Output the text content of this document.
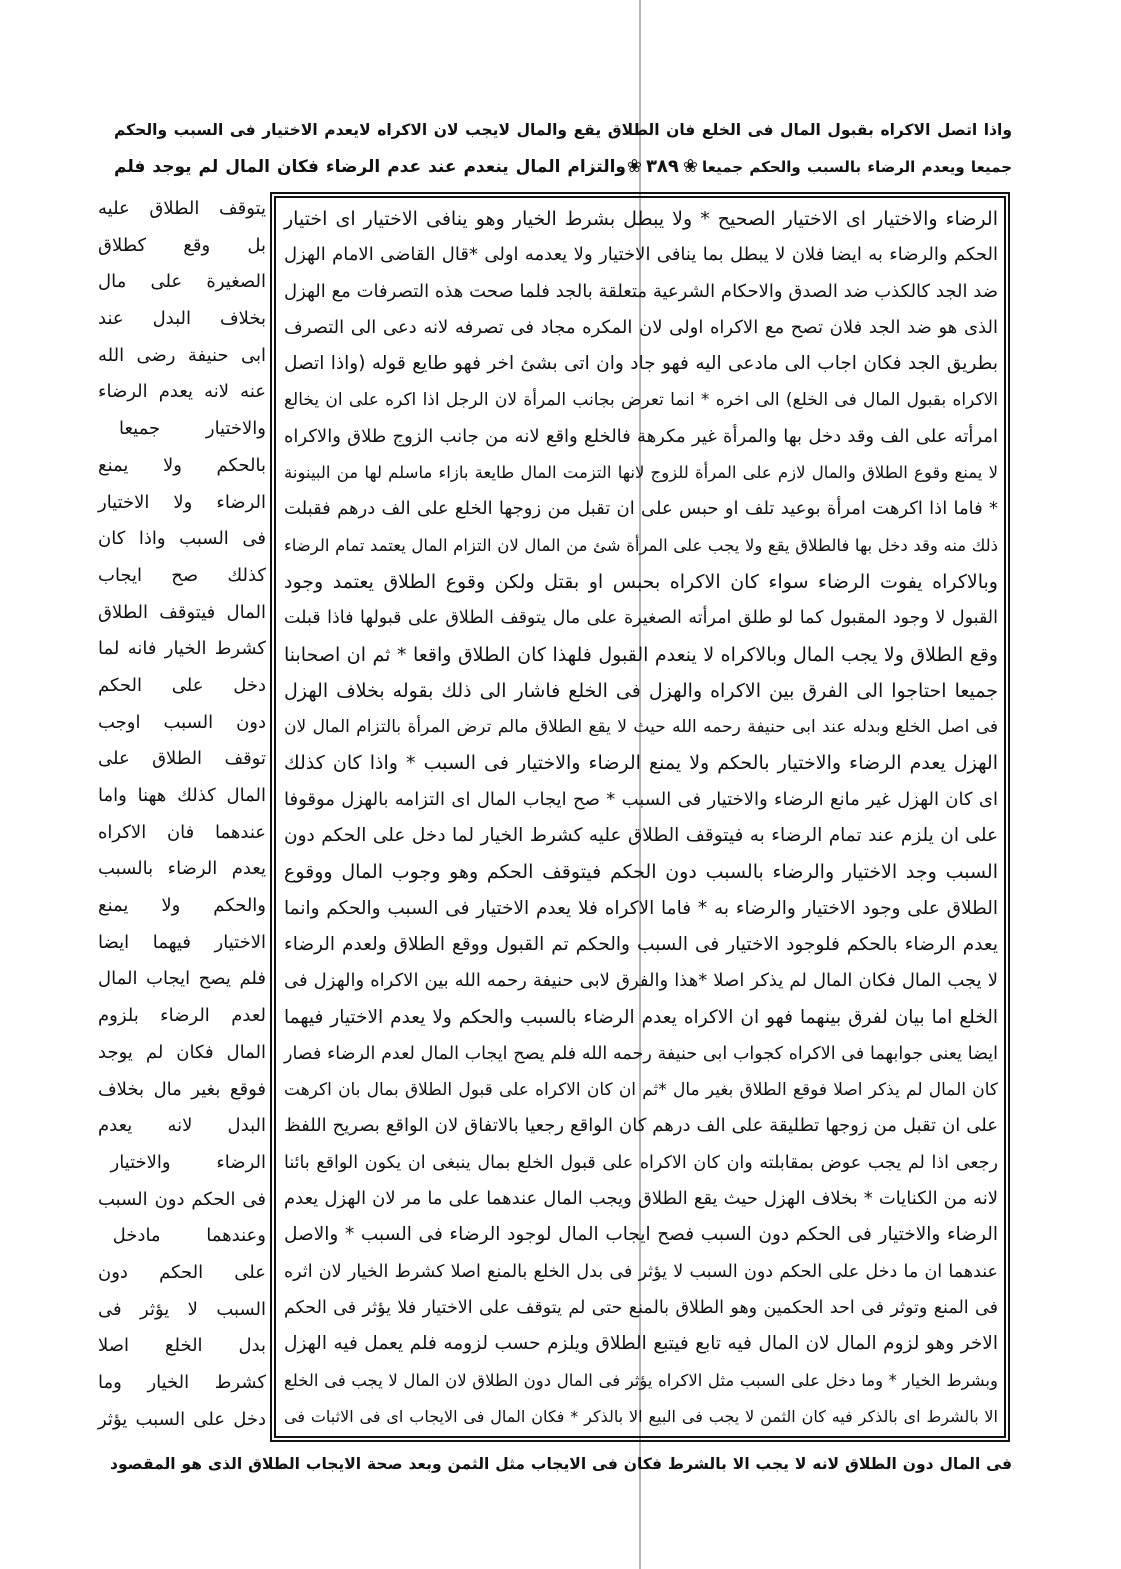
واذا اتصل الاكراه بقبول المال فى الخلع فان الطلاق يقع والمال لايجب لان الاكراه لايعدم الاختيار فى السبب والحكم
جميعا ويعدم الرضاء بالسبب والحكم جميعا
❀٣٨٩❀
والتزام المال ينعدم عند عدم الرضاء فكان المال لم يوجد فلم
الرضاء والاختيار اى الاختيار الصحيح * ولا يبطل بشرط الخيار وهو ينافى الاختيار اى اختيار
الحكم والرضاء به ايضا فلان لا يبطل بما ينافى الاختيار ولا يعدمه اولى *قال القاضى الامام الهزل
ضد الجد كالكذب ضد الصدق والاحكام الشرعية متعلقة بالجد فلما صحت هذه التصرفات مع الهزل
الذى هو ضد الجد فلان تصح مع الاكراه اولى لان المكره مجاد فى تصرفه لانه دعى الى التصرف
بطريق الجد فكان اجاب الى مادعى اليه فهو جاد وان اتى بشئ اخر فهو طايع قوله (واذا اتصل
الاكراه بقبول المال فى الخلع) الى اخره * انما تعرض بجانب المرأة لان الرجل اذا اكره على ان يخالع
امرأته على الف وقد دخل بها والمرأة غير مكرهة فالخلع واقع لانه من جانب الزوج طلاق والاكراه
لا يمنع وقوع الطلاق والمال لازم على المرأة للزوج لانها التزمت المال طايعة بازاء ماسلم لها من البينونة
* فاما اذا اكرهت امرأة بوعيد تلف او حبس على ان تقبل من زوجها الخلع على الف درهم فقبلت
ذلك منه وقد دخل بها فالطلاق يقع ولا يجب على المرأة شئ من المال لان التزام المال يعتمد تمام الرضاء
وبالاكراه يفوت الرضاء سواء كان الاكراه بحبس او بقتل ولكن وقوع الطلاق يعتمد وجود
القبول لا وجود المقبول كما لو طلق امرأته الصغيرة على مال يتوقف الطلاق على قبولها فاذا قبلت
وقع الطلاق ولا يجب المال وبالاكراه لا ينعدم القبول فلهذا كان الطلاق واقعا * ثم ان اصحابنا
جميعا احتاجوا الى الفرق بين الاكراه والهزل فى الخلع فاشار الى ذلك بقوله بخلاف الهزل
فى اصل الخلع وبدله عند ابى حنيفة رحمه الله حيث لا يقع الطلاق مالم ترض المرأة بالتزام المال لان
الهزل يعدم الرضاء والاختيار بالحكم ولا يمنع الرضاء والاختيار فى السبب * واذا كان كذلك
اى كان الهزل غير مانع الرضاء والاختيار فى السبب * صح ايجاب المال اى التزامه بالهزل موقوفا
على ان يلزم عند تمام الرضاء به فيتوقف الطلاق عليه كشرط الخيار لما دخل على الحكم دون
السبب وجد الاختيار والرضاء بالسبب دون الحكم فيتوقف الحكم وهو وجوب المال ووقوع
الطلاق على وجود الاختيار والرضاء به * فاما الاكراه فلا يعدم الاختيار فى السبب والحكم وانما
يعدم الرضاء بالحكم فلوجود الاختيار فى السبب والحكم تم القبول ووقع الطلاق ولعدم الرضاء
لا يجب المال فكان المال لم يذكر اصلا *هذا والفرق لابى حنيفة رحمه الله بين الاكراه والهزل فى
الخلع اما بيان لفرق بينهما فهو ان الاكراه يعدم الرضاء بالسبب والحكم ولا يعدم الاختيار فيهما
ايضا يعنى جوابهما فى الاكراه كجواب ابى حنيفة رحمه الله فلم يصح ايجاب المال لعدم الرضاء فصار
كان المال لم يذكر اصلا فوقع الطلاق بغير مال *ثم ان كان الاكراه على قبول الطلاق بمال بان اكرهت
على ان تقبل من زوجها تطليقة على الف درهم كان الواقع رجعيا بالاتفاق لان الواقع بصريح اللفظ
رجعى اذا لم يجب عوض بمقابلته وان كان الاكراه على قبول الخلع بمال ينبغى ان يكون الواقع بائنا
لانه من الكنايات * بخلاف الهزل حيث يقع الطلاق ويجب المال عندهما على ما مر لان الهزل يعدم
الرضاء والاختيار فى الحكم دون السبب فصح ايجاب المال لوجود الرضاء فى السبب * والاصل
عندهما ان ما دخل على الحكم دون السبب لا يؤثر فى بدل الخلع بالمنع اصلا كشرط الخيار لان اثره
فى المنع وتوثر فى احد الحكمين وهو الطلاق بالمنع حتى لم يتوقف على الاختيار فلا يؤثر فى الحكم
الاخر وهو لزوم المال لان المال فيه تابع فيتبع الطلاق ويلزم حسب لزومه فلم يعمل فيه الهزل
وبشرط الخيار * وما دخل على السبب مثل الاكراه يؤثر فى المال دون الطلاق لان المال لا يجب فى الخلع
الا بالشرط اى بالذكر فيه كان الثمن لا يجب فى البيع الا بالذكر * فكان المال فى الايجاب اى فى الاثبات فى
يتوقف الطلاق عليه
بل وقع كطلاق
الصغيرة على مال
بخلاف البدل عند
ابى حنيفة رضى الله
عنه لانه يعدم الرضاء
والاختيار جميعا
بالحكم ولا يمنع
الرضاء ولا الاختيار
فى السبب واذا كان
كذلك صح ايجاب
المال فيتوقف الطلاق
كشرط الخيار فانه لما
دخل على الحكم
دون السبب اوجب
توقف الطلاق على
المال كذلك ههنا واما
عندهما فان الاكراه
يعدم الرضاء بالسبب
والحكم ولا يمنع
الاختيار فيهما ايضا
فلم يصح ايجاب المال
لعدم الرضاء بلزوم
المال فكان لم يوجد
فوقع بغير مال بخلاف
البدل لانه يعدم
الرضاء والاختيار
فى الحكم دون السبب
وعندهما مادخل
على الحكم دون
السبب لا يؤثر فى
بدل الخلع اصلا
كشرط الخيار وما
دخل على السبب يؤثر
فى المال دون الطلاق لانه لا يجب الا بالشرط فكان فى الايجاب مثل الثمن وبعد صحة الايجاب الطلاق الذى هو المقصود
